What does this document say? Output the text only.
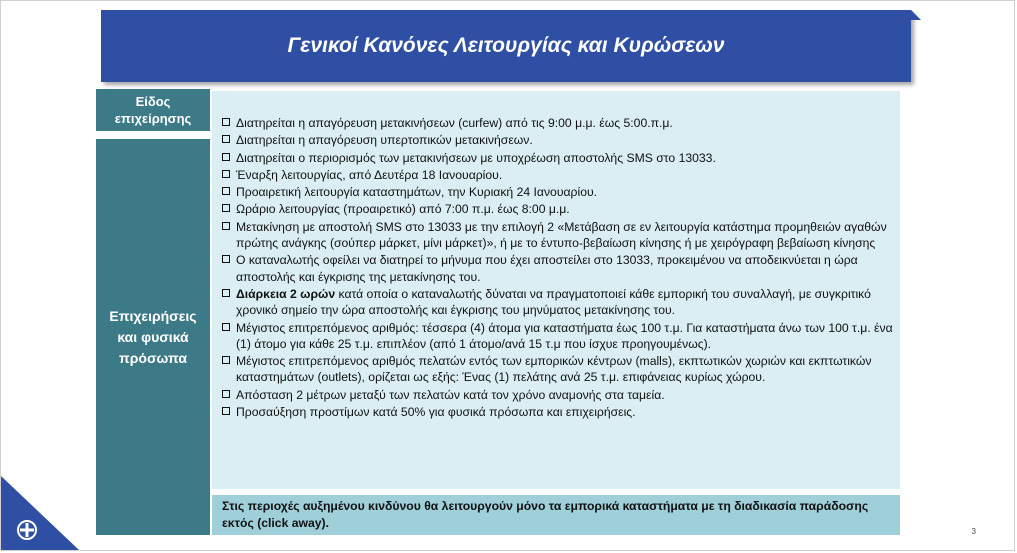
Γενικοί Κανόνες Λειτουργίας και Κυρώσεων
Είδος επιχείρησης
Επιχειρήσεις και φυσικά πρόσωπα
Διατηρείται η απαγόρευση μετακινήσεων (curfew) από τις 9:00 μ.μ. έως 5:00.π.μ.
Διατηρείται η απαγόρευση υπερτοπικών μετακινήσεων.
Διατηρείται ο περιορισμός των μετακινήσεων με υποχρέωση αποστολής SMS στο 13033.
Έναρξη λειτουργίας, από Δευτέρα 18 Ιανουαρίου.
Προαιρετική λειτουργία καταστημάτων, την Κυριακή 24 Ιανουαρίου.
Ωράριο λειτουργίας (προαιρετικό) από 7:00 π.μ. έως 8:00 μ.μ.
Μετακίνηση με αποστολή SMS στο 13033 με την επιλογή 2 «Μετάβαση σε εν λειτουργία κατάστημα προμηθειών αγαθών πρώτης ανάγκης (σούπερ μάρκετ, μίνι μάρκετ)», ή με το έντυπο-βεβαίωση κίνησης ή με χειρόγραφη βεβαίωση κίνησης
Ο καταναλωτής οφείλει να διατηρεί το μήνυμα που έχει αποστείλει στο 13033, προκειμένου να αποδεικνύεται η ώρα αποστολής και έγκρισης της μετακίνησης του.
Διάρκεια 2 ωρών κατά οποία ο καταναλωτής δύναται να πραγματοποιεί κάθε εμπορική του συναλλαγή, με συγκριτικό χρονικό σημείο την ώρα αποστολής και έγκρισης του μηνύματος μετακίνησης του.
Μέγιστος επιτρεπόμενος αριθμός: τέσσερα (4) άτομα για καταστήματα έως 100 τ.μ. Για καταστήματα άνω των 100 τ.μ. ένα (1) άτομο για κάθε 25 τ.μ. επιπλέον (από 1 άτομο/ανά 15 τ.μ που ίσχυε προηγουμένως).
Μέγιστος επιτρεπόμενος αριθμός πελατών εντός των εμπορικών κέντρων (malls), εκπτωτικών χωριών και εκπτωτικών καταστημάτων (outlets), ορίζεται ως εξής: Ένας (1) πελάτης ανά 25 τ.μ. επιφάνειας κυρίως χώρου.
Απόσταση 2 μέτρων μεταξύ των πελατών κατά τον χρόνο αναμονής στα ταμεία.
Προσαύξηση προστίμων κατά 50% για φυσικά πρόσωπα και επιχειρήσεις.
Στις περιοχές αυξημένου κινδύνου θα λειτουργούν μόνο τα εμπορικά καταστήματα με τη διαδικασία παράδοσης εκτός (click away).
3
